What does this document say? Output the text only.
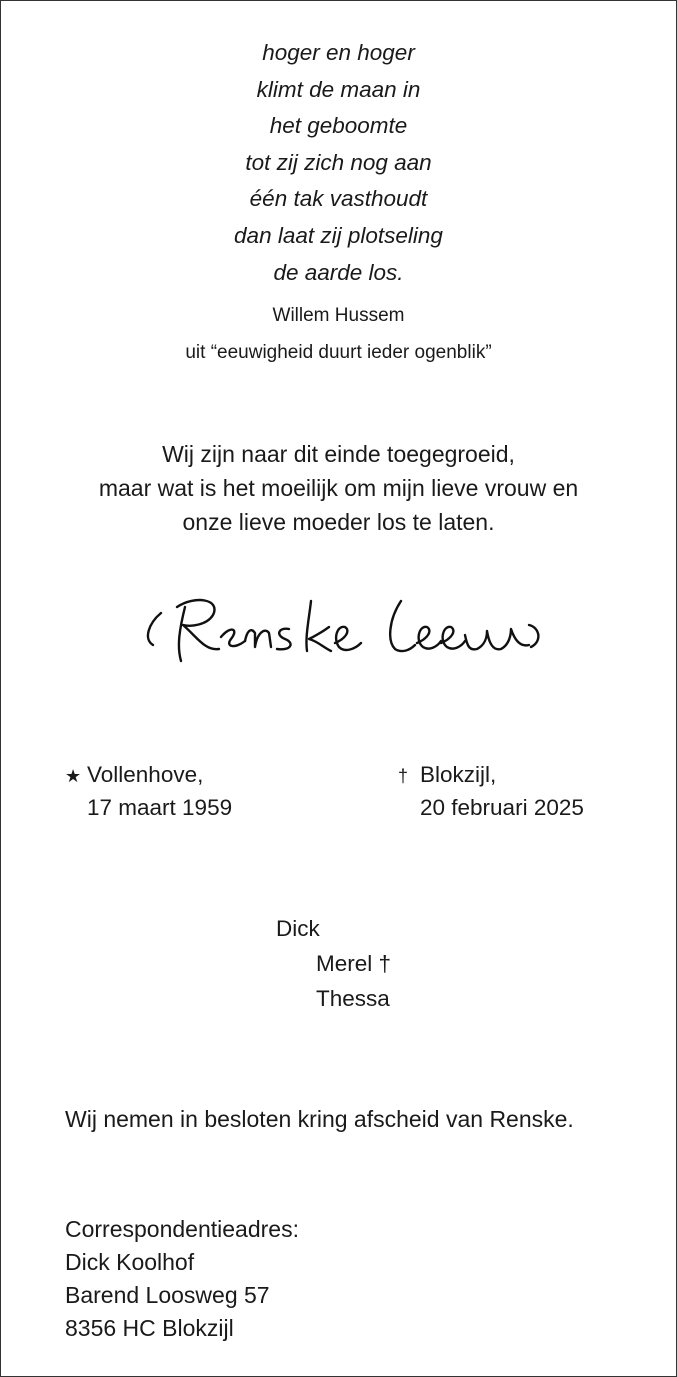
hoger en hoger
klimt de maan in
het geboomte
tot zij zich nog aan
één tak vasthoudt
dan laat zij plotseling
de aarde los.
Willem Hussem
uit “eeuwigheid duurt ieder ogenblik”
Wij zijn naar dit einde toegegroeid,
maar wat is het moeilijk om mijn lieve vrouw en
onze lieve moeder los te laten.
★ Vollenhove,
17 maart 1959
† Blokzijl,
20 februari 2025
Dick
Merel †
Thessa
Wij nemen in besloten kring afscheid van Renske.
Correspondentieadres:
Dick Koolhof
Barend Loosweg 57
8356 HC Blokzijl
